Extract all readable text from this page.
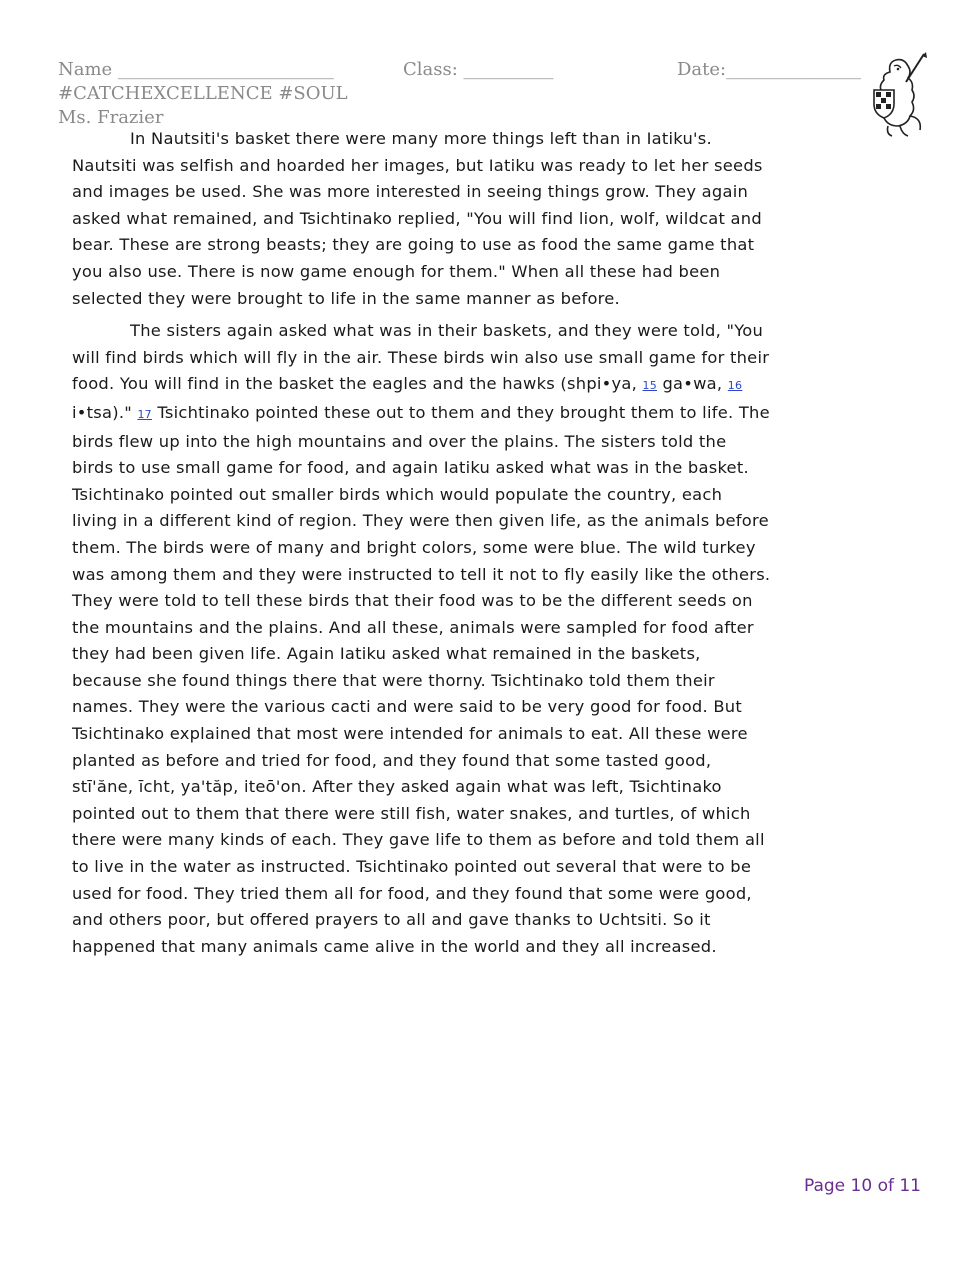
Name ________________________	Class: __________	Date:_______________
#CATCHEXCELLENCE #SOUL
Ms. Frazier

In Nautsiti's basket there were many more things left than in Iatiku's. Nautsiti was selfish and hoarded her images, but Iatiku was ready to let her seeds and images be used. She was more interested in seeing things grow. They again asked what remained, and Tsichtinako replied, "You will find lion, wolf, wildcat and bear. These are strong beasts; they are going to use as food the same game that you also use. There is now game enough for them." When all these had been selected they were brought to life in the same manner as before.

The sisters again asked what was in their baskets, and they were told, "You will find birds which will fly in the air. These birds win also use small game for their food. You will find in the basket the eagles and the hawks (shpi•ya, 15 ga•wa, 16 i•tsa)." 17 Tsichtinako pointed these out to them and they brought them to life. The birds flew up into the high mountains and over the plains. The sisters told the birds to use small game for food, and again Iatiku asked what was in the basket. Tsichtinako pointed out smaller birds which would populate the country, each living in a different kind of region. They were then given life, as the animals before them. The birds were of many and bright colors, some were blue. The wild turkey was among them and they were instructed to tell it not to fly easily like the others. They were told to tell these birds that their food was to be the different seeds on the mountains and the plains. And all these, animals were sampled for food after they had been given life. Again Iatiku asked what remained in the baskets, because she found things there that were thorny. Tsichtinako told them their names. They were the various cacti and were said to be very good for food. But Tsichtinako explained that most were intended for animals to eat. All these were planted as before and tried for food, and they found that some tasted good, stī'ăne, īcht, ya'tăp, iteō'on. After they asked again what was left, Tsichtinako pointed out to them that there were still fish, water snakes, and turtles, of which there were many kinds of each. They gave life to them as before and told them all to live in the water as instructed. Tsichtinako pointed out several that were to be used for food. They tried them all for food, and they found that some were good, and others poor, but offered prayers to all and gave thanks to Uchtsiti. So it happened that many animals came alive in the world and they all increased.

Page 10 of 11
